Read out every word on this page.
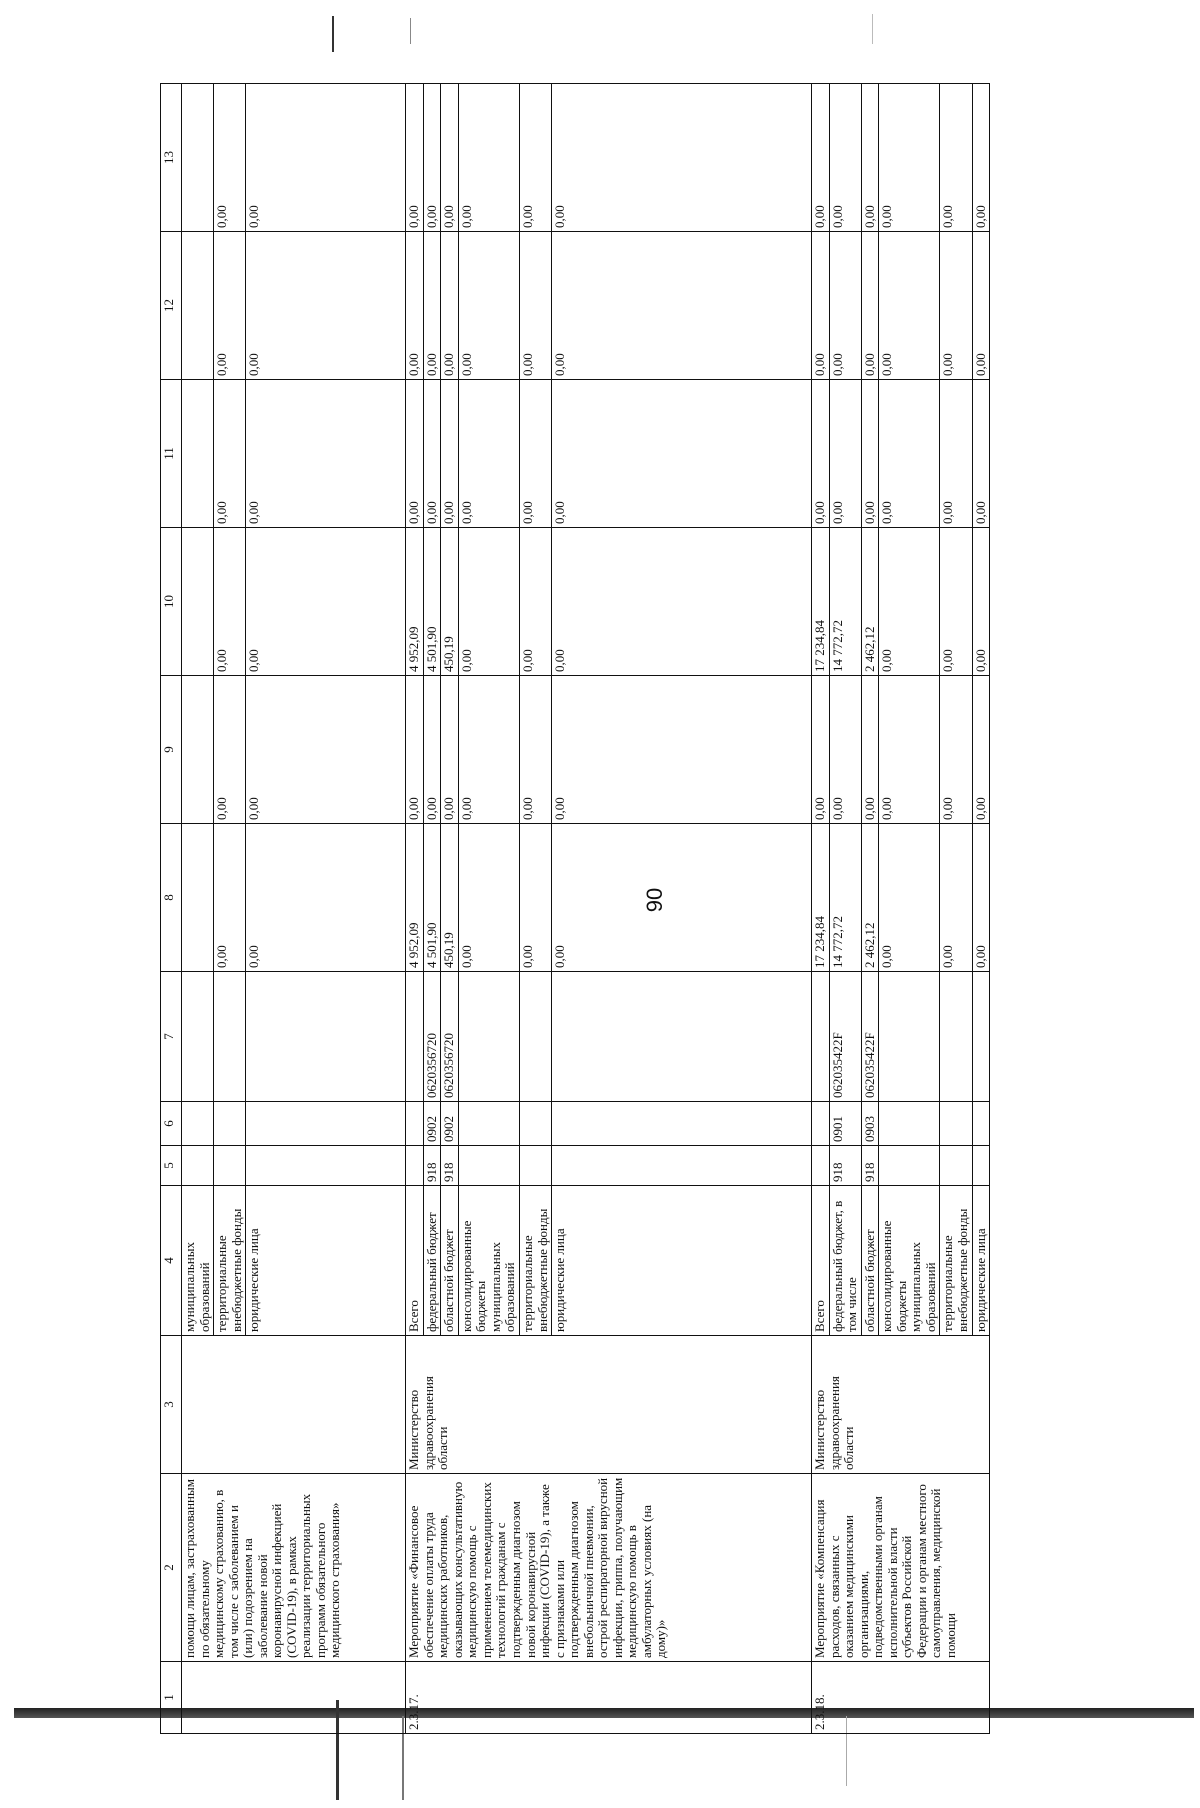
90
1	2	3	4	5	6	7	8	9	10	11	12	13
	помощи лицам, застрахованным по обязательному медицинскому страхованию, в том числе с заболеванием и (или) подозрением на заболевание новой коронавирусной инфекцией (COVID-19), в рамках реализации территориальных программ обязательного медицинского страхования»		муниципальных образований									
			территориальные внебюджетные фонды				0,00	0,00	0,00	0,00	0,00	0,00
			юридические лица				0,00	0,00	0,00	0,00	0,00	0,00
2.3.17.	Мероприятие «Финансовое обеспечение оплаты труда медицинских работников, оказывающих консультативную медицинскую помощь с применением телемедицинских технологий гражданам с подтвержденным диагнозом новой коронавирусной инфекции (COVID-19), а также с признаками или подтвержденным диагнозом внебольничной пневмонии, острой респираторной вирусной инфекции, гриппа, получающим медицинскую помощь в амбулаторных условиях (на дому)»	Министерство здравоохранения области	Всего				4 952,09	0,00	4 952,09	0,00	0,00	0,00
			федеральный бюджет	918	0902	0620356720	4 501,90	0,00	4 501,90	0,00	0,00	0,00
			областной бюджет	918	0902	0620356720	450,19	0,00	450,19	0,00	0,00	0,00
			консолидированные бюджеты муниципальных образований				0,00	0,00	0,00	0,00	0,00	0,00
			территориальные внебюджетные фонды				0,00	0,00	0,00	0,00	0,00	0,00
			юридические лица				0,00	0,00	0,00	0,00	0,00	0,00
2.3.18.	Мероприятие «Компенсация расходов, связанных с оказанием медицинскими организациями, подведомственными органам исполнительной власти субъектов Российской Федерации и органам местного самоуправления, медицинской помощи	Министерство здравоохранения области	Всего				17 234,84	0,00	17 234,84	0,00	0,00	0,00
			федеральный бюджет, в том числе	918	0901	062035422F	14 772,72	0,00	14 772,72	0,00	0,00	0,00
			областной бюджет	918	0903	062035422F	2 462,12	0,00	2 462,12	0,00	0,00	0,00
			консолидированные бюджеты муниципальных образований				0,00	0,00	0,00	0,00	0,00	0,00
			территориальные внебюджетные фонды				0,00	0,00	0,00	0,00	0,00	0,00
			юридические лица				0,00	0,00	0,00	0,00	0,00	0,00
